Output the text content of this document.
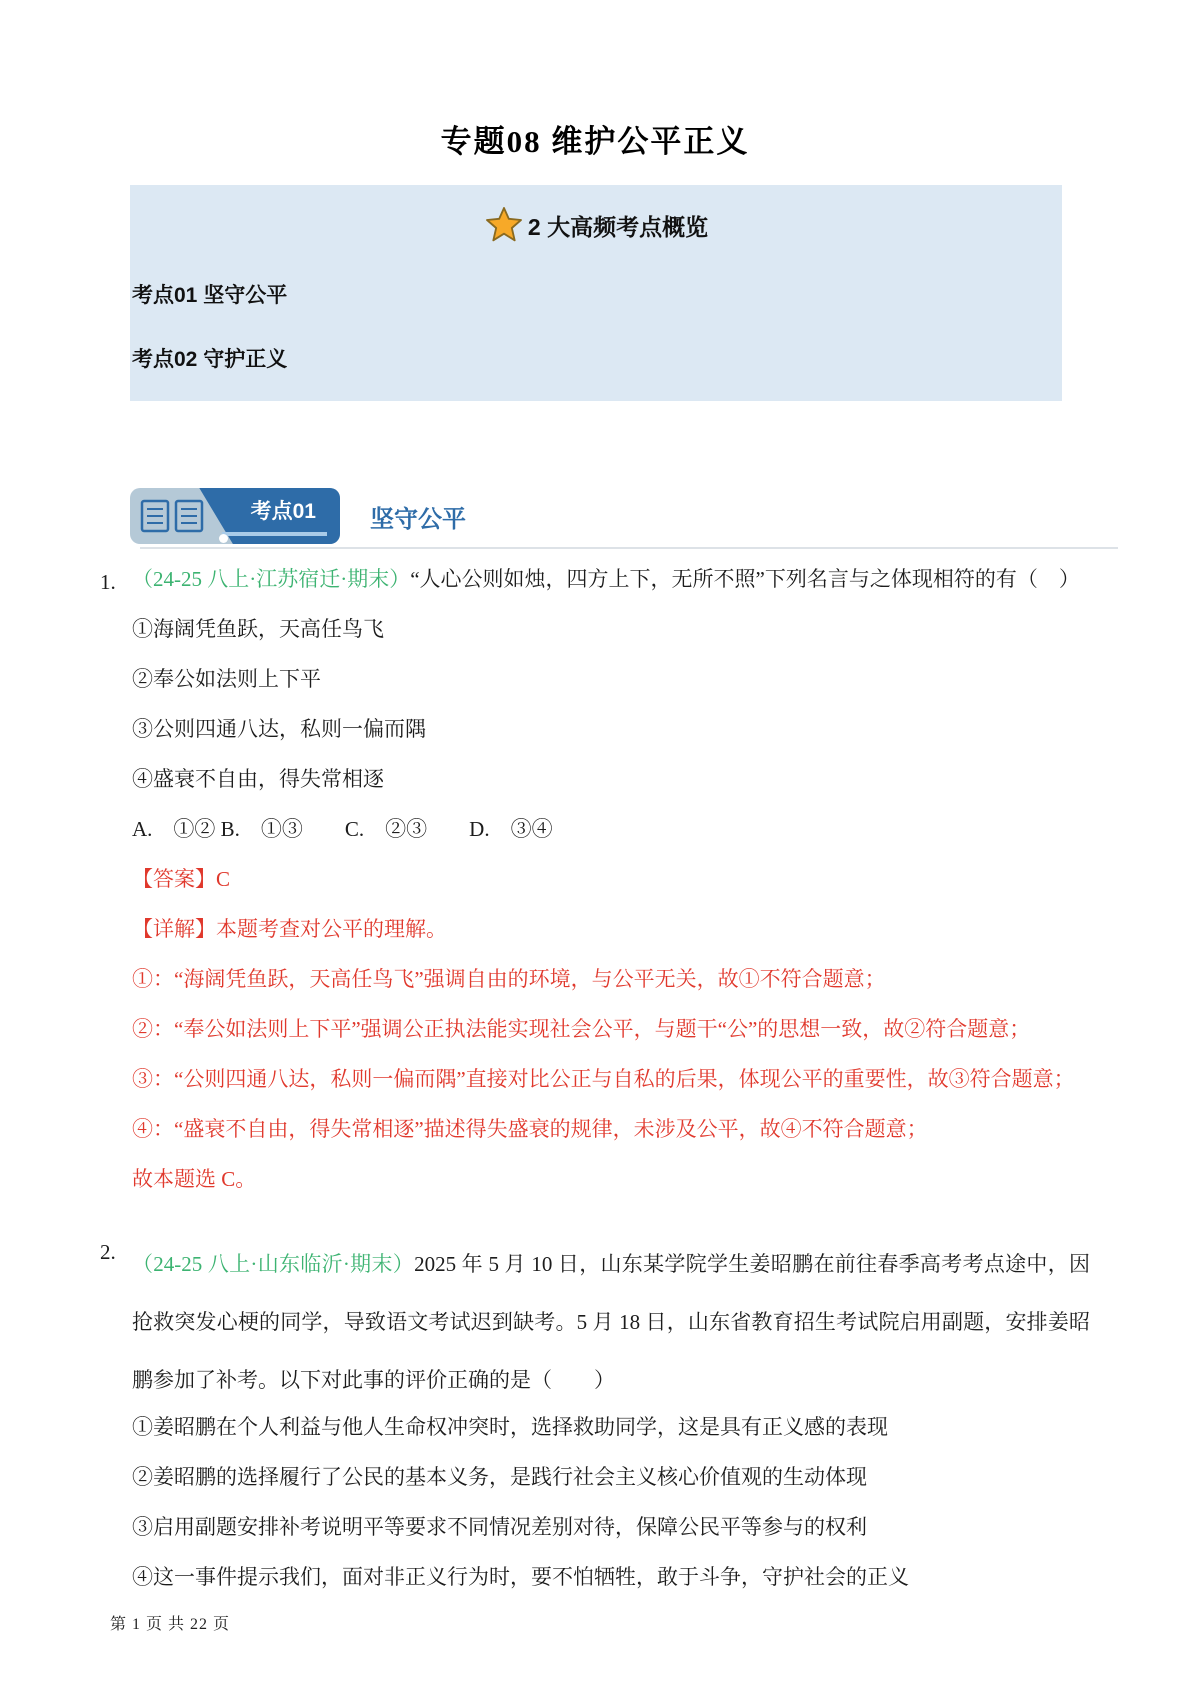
专题08 维护公平正义
2 大高频考点概览
考点01 坚守公平
考点02 守护正义
考点01	坚守公平
1. （24-25 八上·江苏宿迁·期末）“人心公则如烛，四方上下，无所不照”下列名言与之体现相符的有（　）
①海阔凭鱼跃，天高任鸟飞
②奉公如法则上下平
③公则四通八达，私则一偏而隅
④盛衰不自由，得失常相逐
A.　①② B.　①③　　C.　②③　　D.　③④
【答案】C
【详解】本题考查对公平的理解。
①：“海阔凭鱼跃，天高任鸟飞”强调自由的环境，与公平无关，故①不符合题意；
②：“奉公如法则上下平”强调公正执法能实现社会公平，与题干“公”的思想一致，故②符合题意；
③：“公则四通八达，私则一偏而隅”直接对比公正与自私的后果，体现公平的重要性，故③符合题意；
④：“盛衰不自由，得失常相逐”描述得失盛衰的规律，未涉及公平，故④不符合题意；
故本题选 C。
2. （24-25 八上·山东临沂·期末）2025 年 5 月 10 日，山东某学院学生姜昭鹏在前往春季高考考点途中，因抢救突发心梗的同学，导致语文考试迟到缺考。5 月 18 日，山东省教育招生考试院启用副题，安排姜昭鹏参加了补考。以下对此事的评价正确的是（　　）
①姜昭鹏在个人利益与他人生命权冲突时，选择救助同学，这是具有正义感的表现
②姜昭鹏的选择履行了公民的基本义务，是践行社会主义核心价值观的生动体现
③启用副题安排补考说明平等要求不同情况差别对待，保障公民平等参与的权利
④这一事件提示我们，面对非正义行为时，要不怕牺牲，敢于斗争，守护社会的正义
第 1 页 共 22 页
